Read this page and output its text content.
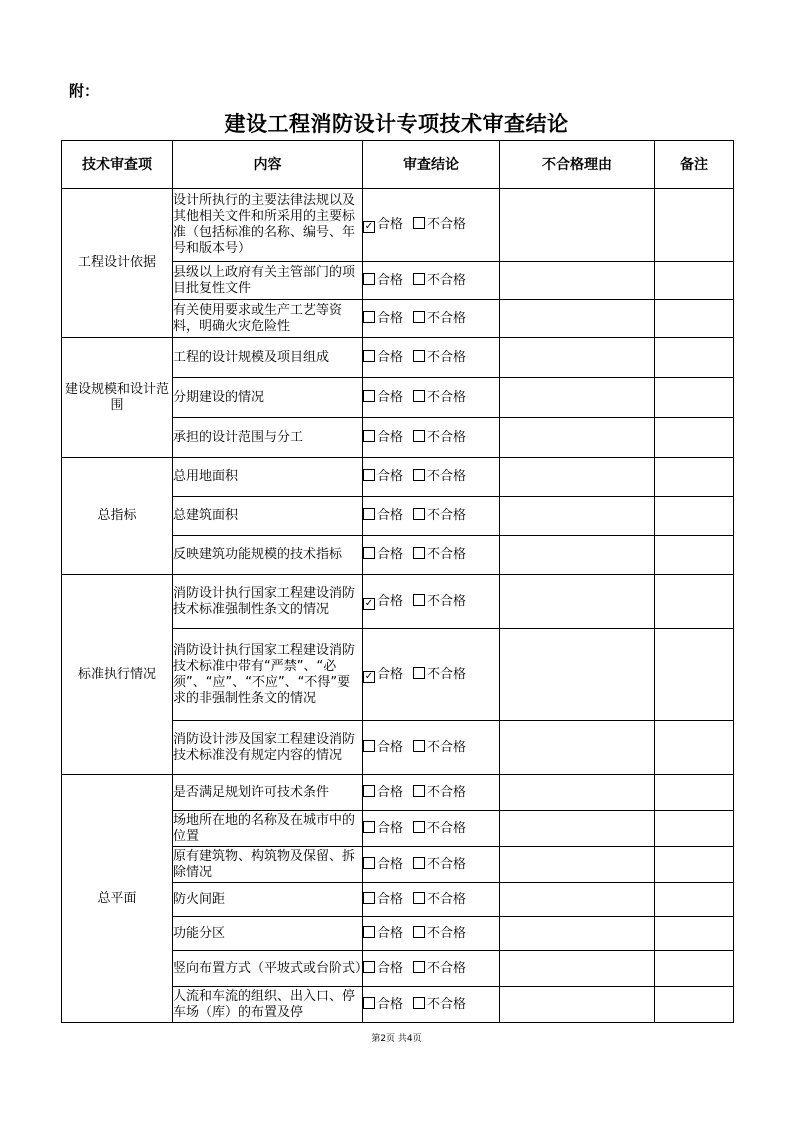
附：
建设工程消防设计专项技术审查结论
技术审查项	内容	审查结论	不合格理由	备注
工程设计依据	设计所执行的主要法律法规以及其他相关文件和所采用的主要标准（包括标准的名称、编号、年号和版本号）	✓ 合格 不合格		
	县级以上政府有关主管部门的项目批复性文件	合格 不合格		
	有关使用要求或生产工艺等资料，明确火灾危险性	合格 不合格		
建设规模和设计范围	工程的设计规模及项目组成	合格 不合格		
	分期建设的情况	合格 不合格		
	承担的设计范围与分工	合格 不合格		
总指标	总用地面积	合格 不合格		
	总建筑面积	合格 不合格		
	反映建筑功能规模的技术指标	合格 不合格		
标准执行情况	消防设计执行国家工程建设消防技术标准强制性条文的情况	✓ 合格 不合格		
	消防设计执行国家工程建设消防技术标准中带有“严禁”、“必须”、“应”、“不应”、“不得”要求的非强制性条文的情况	✓ 合格 不合格		
	消防设计涉及国家工程建设消防技术标准没有规定内容的情况	合格 不合格		
总平面	是否满足规划许可技术条件	合格 不合格		
	场地所在地的名称及在城市中的位置	合格 不合格		
	原有建筑物、构筑物及保留、拆除情况	合格 不合格		
	防火间距	合格 不合格		
	功能分区	合格 不合格		
	竖向布置方式（平坡式或台阶式）	合格 不合格		
	人流和车流的组织、出入口、停车场（库）的布置及停	合格 不合格		
第2页 共4页
